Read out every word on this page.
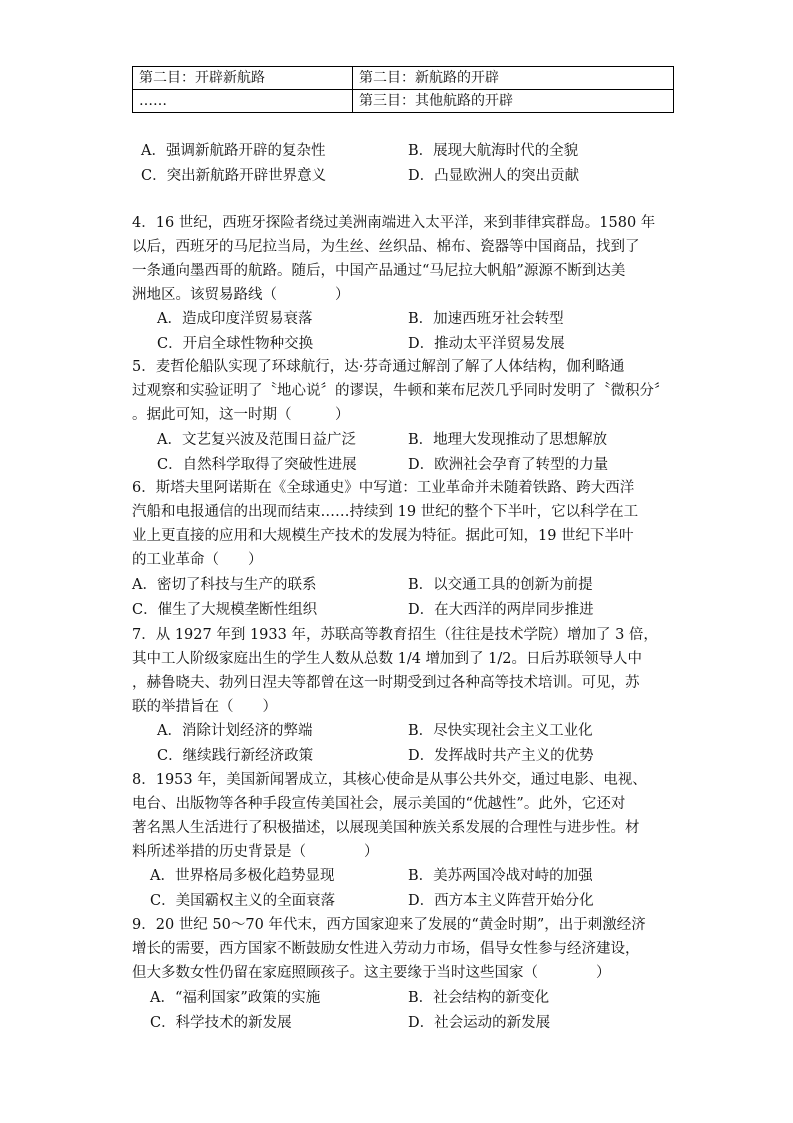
第二目：开辟新航路	第二目：新航路的开辟
……	第三目：其他航路的开辟
A．强调新航路开辟的复杂性	B．展现大航海时代的全貌
C．突出新航路开辟世界意义	D．凸显欧洲人的突出贡献
4．16 世纪，西班牙探险者绕过美洲南端进入太平洋，来到菲律宾群岛。1580 年
以后，西班牙的马尼拉当局，为生丝、丝织品、棉布、瓷器等中国商品，找到了
一条通向墨西哥的航路。随后，中国产品通过“马尼拉大帆船”源源不断到达美
洲地区。该贸易路线（　　　　）
A．造成印度洋贸易衰落	B．加速西班牙社会转型
C．开启全球性物种交换	D．推动太平洋贸易发展
5．麦哲伦船队实现了环球航行，达·芬奇通过解剖了解了人体结构，伽利略通
过观察和实验证明了〝地心说〞的谬误，牛顿和莱布尼茨几乎同时发明了〝微积分〞
。据此可知，这一时期（　　　）
A．文艺复兴波及范围日益广泛	B．地理大发现推动了思想解放
C．自然科学取得了突破性进展	D．欧洲社会孕育了转型的力量
6．斯塔夫里阿诺斯在《全球通史》中写道：工业革命并未随着铁路、跨大西洋
汽船和电报通信的出现而结束……持续到 19 世纪的整个下半叶，它以科学在工
业上更直接的应用和大规模生产技术的发展为特征。据此可知，19 世纪下半叶
的工业革命（　　）
A．密切了科技与生产的联系	B．以交通工具的创新为前提
C．催生了大规模垄断性组织	D．在大西洋的两岸同步推进
7．从 1927 年到 1933 年，苏联高等教育招生（往往是技术学院）增加了 3 倍，
其中工人阶级家庭出生的学生人数从总数 1/4 增加到了 1/2。日后苏联领导人中
，赫鲁晓夫、勃列日涅夫等都曾在这一时期受到过各种高等技术培训。可见，苏
联的举措旨在（　　）
A．消除计划经济的弊端	B．尽快实现社会主义工业化
C．继续践行新经济政策	D．发挥战时共产主义的优势
8．1953 年，美国新闻署成立，其核心使命是从事公共外交，通过电影、电视、
电台、出版物等各种手段宣传美国社会，展示美国的“优越性”。此外，它还对
著名黑人生活进行了积极描述，以展现美国种族关系发展的合理性与进步性。材
料所述举措的历史背景是（　　　　）
A．世界格局多极化趋势显现	B．美苏两国冷战对峙的加强
C．美国霸权主义的全面衰落	D．西方本主义阵营开始分化
9．20 世纪 50～70 年代末，西方国家迎来了发展的“黄金时期”，出于刺激经济
增长的需要，西方国家不断鼓励女性进入劳动力市场，倡导女性参与经济建设，
但大多数女性仍留在家庭照顾孩子。这主要缘于当时这些国家（　　　　）
A．“福利国家”政策的实施	B．社会结构的新变化
C．科学技术的新发展	D．社会运动的新发展
